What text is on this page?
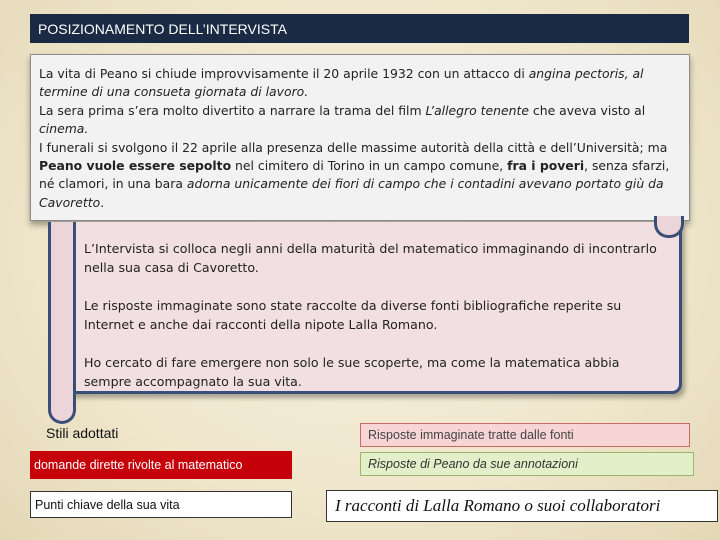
POSIZIONAMENTO DELL’INTERVISTA

La vita di Peano si chiude improvvisamente il 20 aprile 1932 con un attacco di angina pectoris, al termine di una consueta giornata di lavoro.

La sera prima s’era molto divertito a narrare la trama del film L’allegro tenente che aveva visto al cinema.

I funerali si svolgono il 22 aprile alla presenza delle massime autorità della città e dell’Università; ma Peano vuole essere sepolto nel cimitero di Torino in un campo comune, fra i poveri, senza sfarzi, né clamori, in una bara adorna unicamente dei fiori di campo che i contadini avevano portato giù da Cavoretto.

L’Intervista si colloca negli anni della maturità del matematico immaginando di incontrarlo nella sua casa di Cavoretto.

Le risposte immaginate sono state raccolte da diverse fonti bibliografiche reperite su Internet e anche dai racconti della nipote Lalla Romano.

Ho cercato di fare emergere non solo le sue scoperte, ma come la matematica abbia sempre accompagnato la sua vita.

Stili adottati
domande dirette rivolte al matematico
Punti chiave della sua vita
Risposte immaginate tratte dalle fonti
Risposte di Peano da sue annotazioni
I racconti di Lalla Romano o suoi collaboratori
